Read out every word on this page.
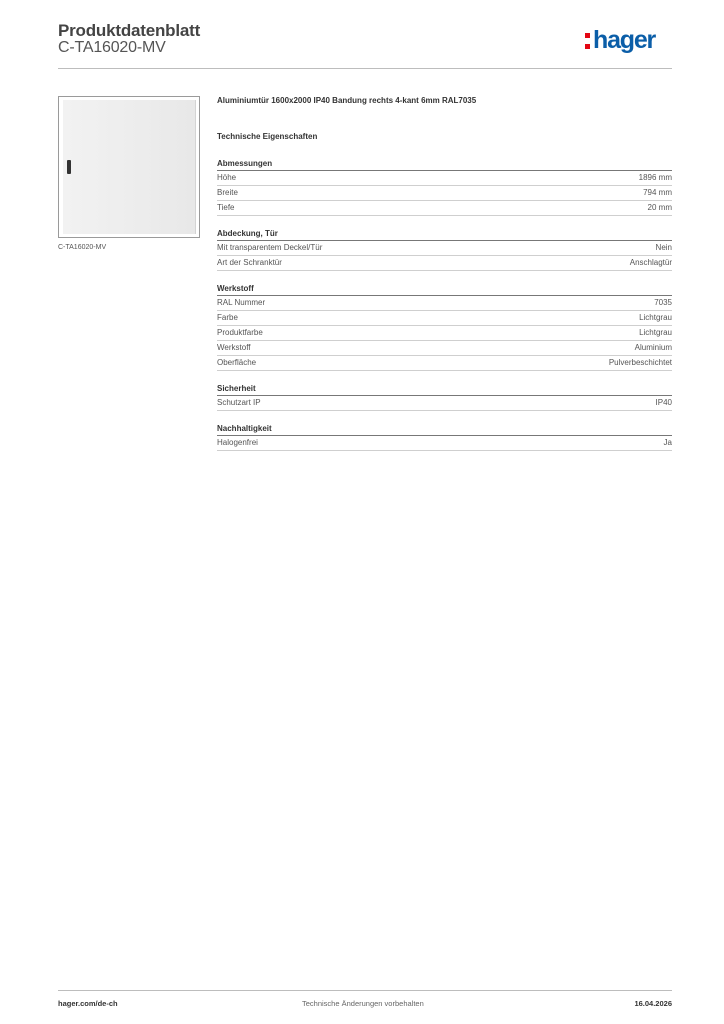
Produktdatenblatt
C-TA16020-MV	hager
C-TA16020-MV
Aluminiumtür 1600x2000 IP40 Bandung rechts 4-kant 6mm RAL7035
Technische Eigenschaften
Abmessungen
Höhe	1896 mm
Breite	794 mm
Tiefe	20 mm
Abdeckung, Tür
Mit transparentem Deckel/Tür	Nein
Art der Schranktür	Anschlagtür
Werkstoff
RAL Nummer	7035
Farbe	Lichtgrau
Produktfarbe	Lichtgrau
Werkstoff	Aluminium
Oberfläche	Pulverbeschichtet
Sicherheit
Schutzart IP	IP40
Nachhaltigkeit
Halogenfrei	Ja
hager.com/de-ch	Technische Änderungen vorbehalten	16.04.2026
